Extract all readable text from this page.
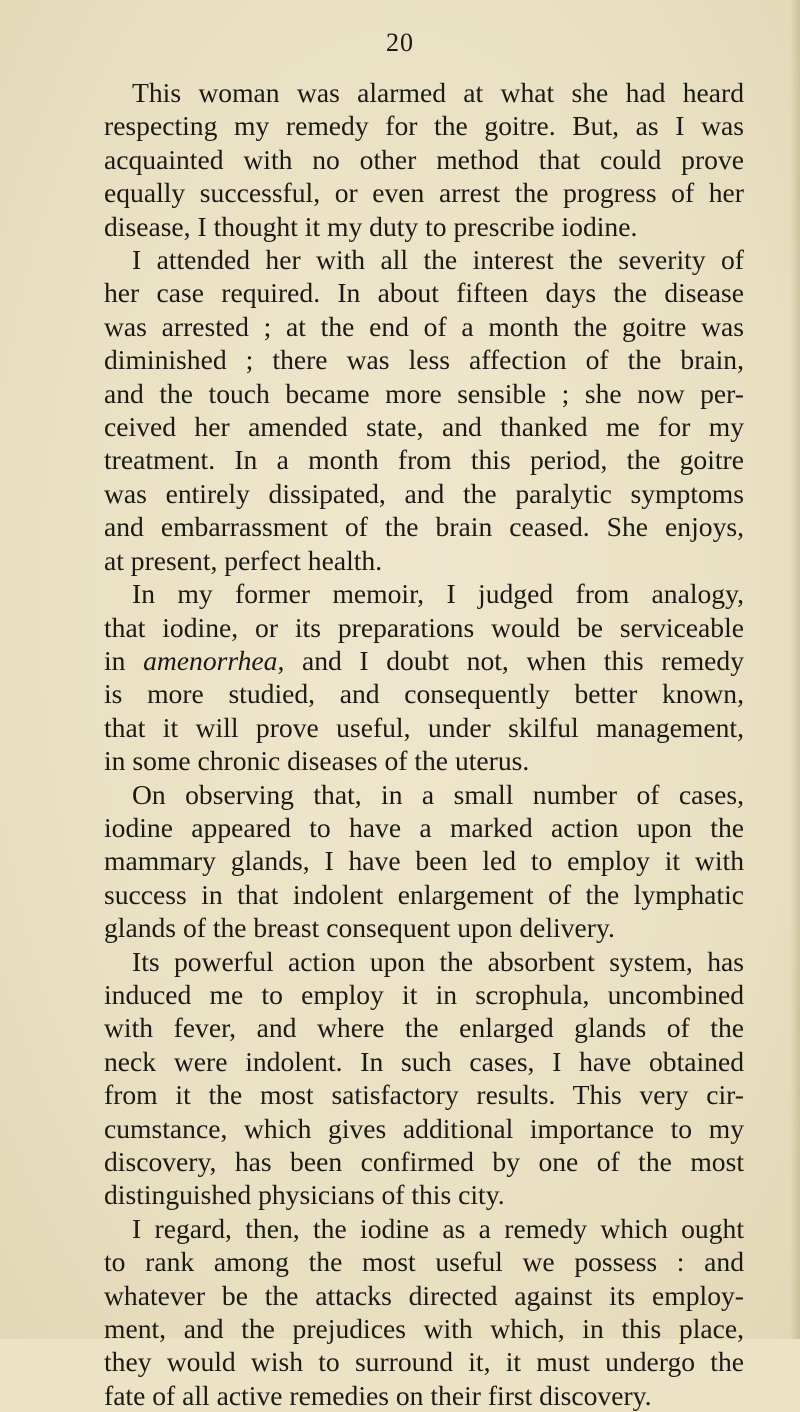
20
This woman was alarmed at what she had heard
respecting my remedy for the goitre. But, as I was
acquainted with no other method that could prove
equally successful, or even arrest the progress of her
disease, I thought it my duty to prescribe iodine.
I attended her with all the interest the severity of
her case required. In about fifteen days the disease
was arrested ; at the end of a month the goitre was
diminished ; there was less affection of the brain,
and the touch became more sensible ; she now per-
ceived her amended state, and thanked me for my
treatment. In a month from this period, the goitre
was entirely dissipated, and the paralytic symptoms
and embarrassment of the brain ceased. She enjoys,
at present, perfect health.
In my former memoir, I judged from analogy,
that iodine, or its preparations would be serviceable
in amenorrhea, and I doubt not, when this remedy
is more studied, and consequently better known,
that it will prove useful, under skilful management,
in some chronic diseases of the uterus.
On observing that, in a small number of cases,
iodine appeared to have a marked action upon the
mammary glands, I have been led to employ it with
success in that indolent enlargement of the lymphatic
glands of the breast consequent upon delivery.
Its powerful action upon the absorbent system, has
induced me to employ it in scrophula, uncombined
with fever, and where the enlarged glands of the
neck were indolent. In such cases, I have obtained
from it the most satisfactory results. This very cir-
cumstance, which gives additional importance to my
discovery, has been confirmed by one of the most
distinguished physicians of this city.
I regard, then, the iodine as a remedy which ought
to rank among the most useful we possess : and
whatever be the attacks directed against its employ-
ment, and the prejudices with which, in this place,
they would wish to surround it, it must undergo the
fate of all active remedies on their first discovery.
